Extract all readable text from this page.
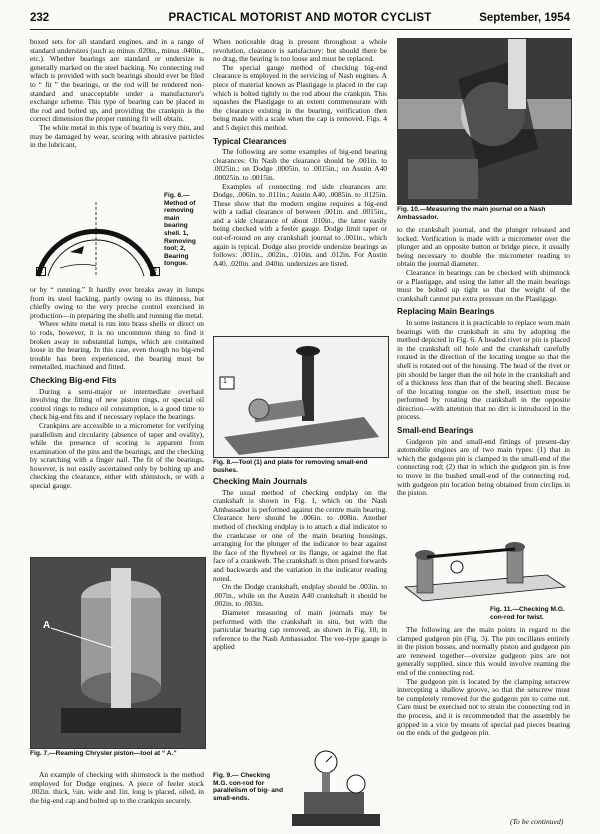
232	PRACTICAL MOTORIST AND MOTOR CYCLIST	September, 1954

boxed sets for all standard engines, and in a range of standard undersizes (such as minus .020in., minus .040in., etc.). Whether bearings are standard or undersize is generally marked on the steel backing. No connecting rod which is provided with such bearings should ever be filed to “ fit ” the bearings, or the rod will be rendered non-standard and unacceptable under a manufacturer's exchange scheme. This type of bearing can be placed in the rod and bolted up, and providing the crankpin is the correct dimension the proper running fit will obtain.

The white metal in this type of bearing is very thin, and may be damaged by wear, scoring with abrasive particles in the lubricant,

1	2
Fig. 6.— Method of removing main bearing shell. 1, Removing tool; 2, Bearing tongue.

or by “ running.” It hardly ever breaks away in lumps from its steel backing, partly owing to its thinness, but chiefly owing to the very precise control exercised in production—in preparing the shells and running the metal.

Where white metal is run into brass shells or direct on to rods, however, it is no uncommon thing to find it broken away in substantial lumps, which are contained loose in the bearing. In this case, even though no big-end trouble has been experienced, the bearing must be remetalled, machined and fitted.

Checking Big-end Fits

During a semi-major or intermediate overhaul involving the fitting of new piston rings, or special oil control rings to reduce oil consumption, is a good time to check big-end fits and if necessary replace the bearings.

Crankpins are accessible to a micrometer for verifying parallelism and circularity (absence of taper and ovality), while the presence of scoring is apparent from examination of the pins and the bearings, and the checking by scratching with a finger nail. The fit of the bearings, however, is not easily ascertained only by bolting up and checking the clearance, either with shimstock, or with a special gauge.

A
Fig. 7.—Reaming Chrysler piston—tool at “ A.”

An example of checking with shimstock is the method employed for Dodge engines. A piece of feeler stock .002in. thick, ½in. wide and 1in. long is placed, oiled, in the big-end cap and bolted up to the crankpin securely.

When noticeable drag is present throughout a whole revolution, clearance is satisfactory: but should there be no drag, the bearing is too loose and must be replaced.

The special gauge method of checking big-end clearance is employed in the servicing of Nash engines. A piece of material known as Plastigage is placed in the cap which is bolted tightly to the rod about the crankpin. This squashes the Plastigage to an extent commensurate with the clearance existing in the bearing, verification then being made with a scale when the cap is removed. Figs. 4 and 5 depict this method.

Typical Clearances

The following are some examples of big-end bearing clearances: On Nash the clearance should be .001in. to .0025in.; on Dodge .0005in. to .0015in.; on Austin A40 .00025in. to .0015in.

Examples of connecting rod side clearances are: Dodge, .006in. to .011in.; Austin A40, .0085in. to .0125in. These show that the modern engine requires a big-end with a radial clearance of between .001in. and .0015in., and a side clearance of about .010in., the latter easily being checked with a feeler gauge. Dodge limit taper or out-of-round on any crankshaft journal to .001in., which again is typical. Dodge also provide undersize bearings as follows: .001in., .002in., .010in. and .012in. For Austin A40, .020in. and .040in. undersizes are listed.

1
Fig. 8.—Tool (1) and plate for removing small-end bushes.
Checking Main Journals

The usual method of checking endplay on the crankshaft is shown in Fig. 1, which on the Nash Ambassador is performed against the centre main bearing. Clearance here should be .006in. to .008in. Another method of checking endplay is to attach a dial indicator to the crankcase or one of the main bearing housings, arranging for the plunger of the indicator to bear against the face of the flywheel or its flange, or against the flat face of a crankweb. The crankshaft is then prised forwards and backwards and the variation in the indicator reading noted.

On the Dodge crankshaft, endplay should be .003in. to .007in., while on the Austin A40 crankshaft it should be .002in. to .003in.

Diameter measuring of main journals may be performed with the crankshaft in situ, but with the particular bearing cap removed, as shown in Fig. 10, in reference to the Nash Ambassador. The vee-type gauge is applied

Fig. 9.— Checking M.G. con-rod for parallelism of big- and small-ends.
Fig. 10.—Measuring the main journal on a Nash Ambassador.

to the crankshaft journal, and the plunger released and locked. Verification is made with a micrometer over the plunger and an opposite button or bridge piece, it usually being necessary to double the micrometer reading to obtain the journal diameter.

Clearance in bearings can be checked with shimstock or a Plastigage, and using the latter all the main bearings must be bolted up tight so that the weight of the crankshaft cannot put extra pressure on the Plastigage.

Replacing Main Bearings

In some instances it is practicable to replace worn main bearings with the crankshaft in situ by adopting the method depicted in Fig. 6. A headed rivet or pin is placed in the crankshaft oil hole and the crankshaft carefully rotated in the direction of the locating tongue so that the shell is rotated out of the housing. The head of the rivet or pin should be larger than the oil hole in the crankshaft and of a thickness less than that of the bearing shell. Because of the locating tongue on the shell, insertion must be performed by rotating the crankshaft in the opposite direction—with attention that no dirt is introduced in the process.

Small-end Bearings

Gudgeon pin and small-end fittings of present-day automobile engines are of two main types: (1) that in which the gudgeon pin is clamped in the small-end of the connecting rod; (2) that in which the gudgeon pin is free to move in the bushed small-end of the connecting rod, with gudgeon pin location being obtained from circlips in the piston.

Fig. 11.—Checking M.G. con-rod for twist.

The following are the main points in regard to the clamped gudgeon pin (Fig. 3). The pin oscillates entirely in the piston bosses, and normally piston and gudgeon pin are renewed together—oversize gudgeon pins are not generally supplied, since this would involve reaming the end of the connecting rod.

The gudgeon pin is located by the clamping setscrew intercepting a shallow groove, so that the setscrew must be completely removed for the gudgeon pin to come out. Care must be exercised not to strain the connecting rod in the process, and it is recommended that the assembly be gripped in a vice by means of special pad pieces bearing on the ends of the gudgeon pin.

(To be continued)
